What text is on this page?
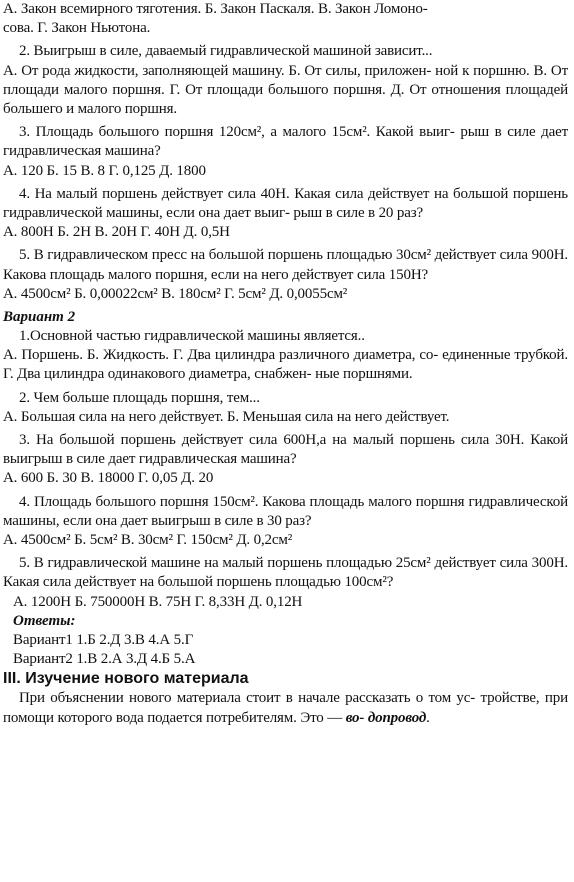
А. Закон всемирного тяготения. Б. Закон Паскаля. В. Закон Ломоно-
сова. Г. Закон Ньютона.

2. Выигрыш в силе, даваемый гидравлической машиной зависит...

А. От рода жидкости, заполняющей машину. Б. От силы, приложен- ной к поршню. В. От площади малого поршня. Г. От площади большого поршня. Д. От отношения площадей большего и малого поршня.

3. Площадь большого поршня 120см², а малого 15см². Какой выиг- рыш в силе дает гидравлическая машина?

А. 120 Б. 15 В. 8 Г. 0,125 Д. 1800

4. На малый поршень действует сила 40Н. Какая сила действует на большой поршень гидравлической машины, если она дает выиг- рыш в силе в 20 раз?

А. 800Н Б. 2Н В. 20Н Г. 40Н Д. 0,5Н

5. В гидравлическом пресс на большой поршень площадью 30см² действует сила 900Н. Какова площадь малого поршня, если на него действует сила 150Н?

А. 4500см² Б. 0,00022см² В. 180см² Г. 5см² Д. 0,0055см²

Вариант 2

1.Основной частью гидравлической машины является..

А. Поршень. Б. Жидкость. Г. Два цилиндра различного диаметра, со- единенные трубкой. Г. Два цилиндра одинакового диаметра, снабжен- ные поршнями.

2. Чем больше площадь поршня, тем...

А. Большая сила на него действует. Б. Меньшая сила на него действует.

3. На большой поршень действует сила 600Н,а на малый поршень сила 30Н. Какой выигрыш в силе дает гидравлическая машина?

А. 600 Б. 30 В. 18000 Г. 0,05 Д. 20

4. Площадь большого поршня 150см². Какова площадь малого поршня гидравлической машины, если она дает выигрыш в силе в 30 раз?

А. 4500см² Б. 5см² В. 30см² Г. 150см² Д. 0,2см²

5. В гидравлической машине на малый поршень площадью 25см² действует сила 300Н. Какая сила действует на большой поршень площадью 100см²?

А. 1200Н Б. 750000Н В. 75Н Г. 8,33Н Д. 0,12Н

Ответы:

Вариант1 1.Б 2.Д 3.В 4.А 5.Г

Вариант2 1.В 2.А 3.Д 4.Б 5.А

III. Изучение нового материала

При объяснении нового материала стоит в начале рассказать о том ус- тройстве, при помощи которого вода подается потребителям. Это — во- допровод.
